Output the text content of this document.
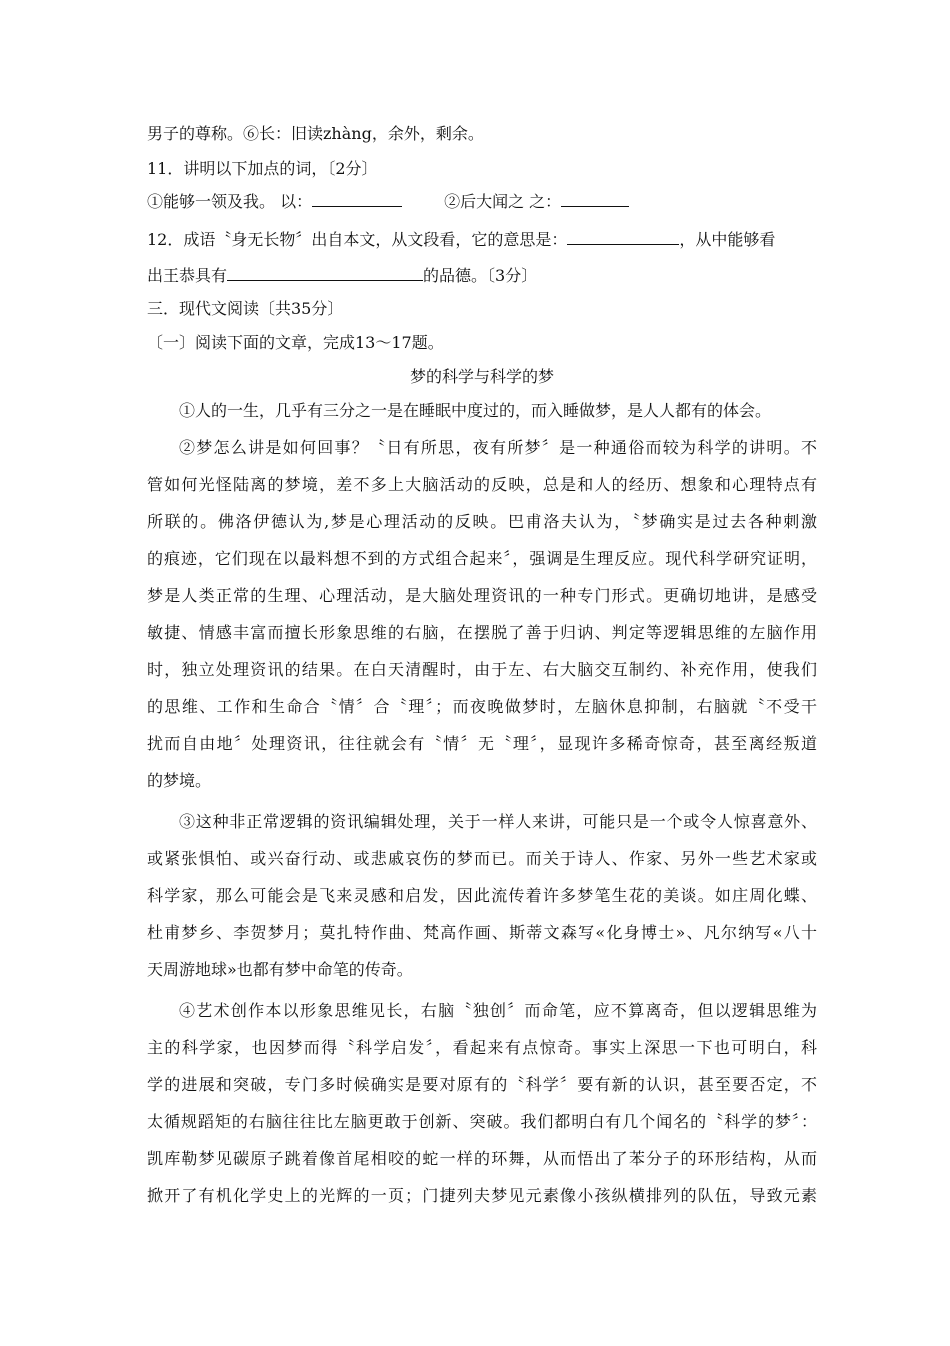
男子的尊称。⑥长：旧读zhàng，余外，剩余。
11．讲明以下加点的词，〔2分〕
①能够一领及我。 以：	②后大闻之 之：
12．成语〝身无长物〞出自本文，从文段看，它的意思是：	，从中能够看
出王恭具有	的品德。〔3分〕
三．现代文阅读〔共35分〕
〔一〕阅读下面的文章，完成13～17题。
梦的科学与科学的梦
①人的一生，几乎有三分之一是在睡眠中度过的，而入睡做梦，是人人都有的体会。
②梦怎么讲是如何回事？〝日有所思，夜有所梦〞是一种通俗而较为科学的讲明。不
管如何光怪陆离的梦境，差不多上大脑活动的反映，总是和人的经历、想象和心理特点有
所联的。佛洛伊德认为,梦是心理活动的反映。巴甫洛夫认为，〝梦确实是过去各种刺激
的痕迹，它们现在以最料想不到的方式组合起来〞，强调是生理反应。现代科学研究证明，
梦是人类正常的生理、心理活动，是大脑处理资讯的一种专门形式。更确切地讲，是感受
敏捷、情感丰富而擅长形象思维的右脑，在摆脱了善于归讷、判定等逻辑思维的左脑作用
时，独立处理资讯的结果。在白天清醒时，由于左、右大脑交互制约、补充作用，使我们
的思维、工作和生命合〝情〞合〝理〞；而夜晚做梦时，左脑休息抑制，右脑就〝不受干
扰而自由地〞处理资讯，往往就会有〝情〞无〝理〞，显现许多稀奇惊奇，甚至离经叛道
的梦境。
③这种非正常逻辑的资讯编辑处理，关于一样人来讲，可能只是一个或令人惊喜意外、
或紧张惧怕、或兴奋行动、或悲戚哀伤的梦而已。而关于诗人、作家、另外一些艺术家或
科学家，那么可能会是飞来灵感和启发，因此流传着许多梦笔生花的美谈。如庄周化蝶、
杜甫梦乡、李贺梦月；莫扎特作曲、梵高作画、斯蒂文森写«化身博士»、凡尔纳写«八十
天周游地球»也都有梦中命笔的传奇。
④艺术创作本以形象思维见长，右脑〝独创〞而命笔，应不算离奇，但以逻辑思维为
主的科学家，也因梦而得〝科学启发〞，看起来有点惊奇。事实上深思一下也可明白，科
学的进展和突破，专门多时候确实是要对原有的〝科学〞要有新的认识，甚至要否定，不
太循规蹈矩的右脑往往比左脑更敢于创新、突破。我们都明白有几个闻名的〝科学的梦〞：
凯库勒梦见碳原子跳着像首尾相咬的蛇一样的环舞，从而悟出了苯分子的环形结构，从而
掀开了有机化学史上的光辉的一页；门捷列夫梦见元素像小孩纵横排列的队伍，导致元素
